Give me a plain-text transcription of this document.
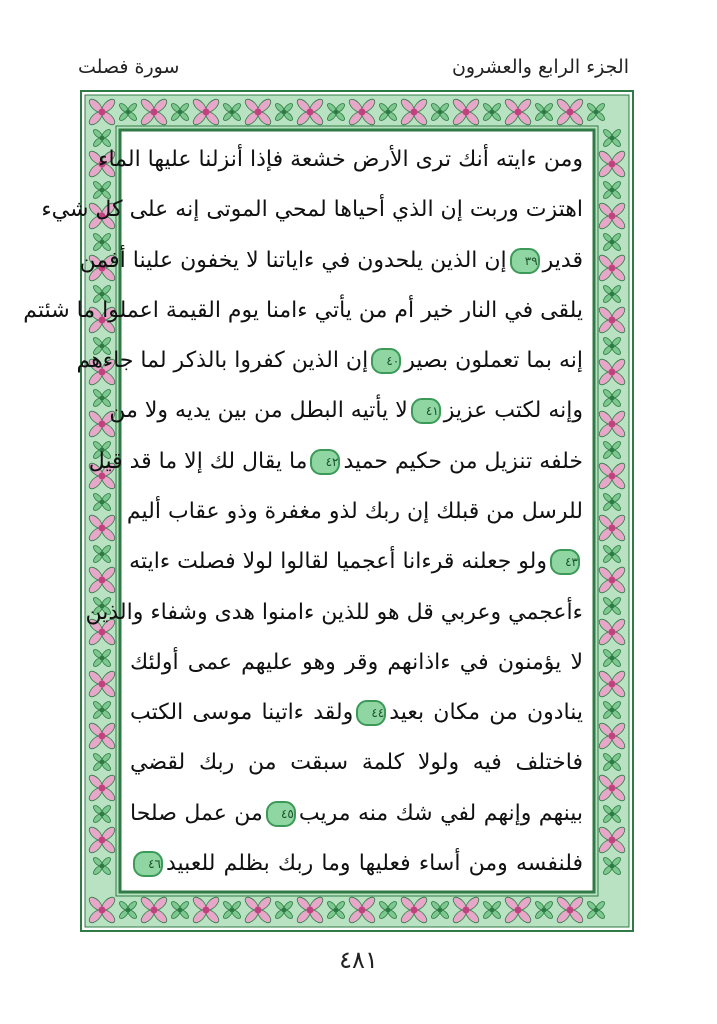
الجزء الرابع والعشرون
سورة فصلت
ومن ءايته أنك ترى الأرض خشعة فإذا أنزلنا عليها الماء
اهتزت وربت إن الذي أحياها لمحي الموتى إنه على كل شيء
قدير٣٩إن الذين يلحدون في ءاياتنا لا يخفون علينا أفمن
يلقى في النار خير أم من يأتي ءامنا يوم القيمة اعملوا ما شئتم
إنه بما تعملون بصير٤٠إن الذين كفروا بالذكر لما جاءهم
وإنه لكتب عزيز٤١لا يأتيه البطل من بين يديه ولا من
خلفه تنزيل من حكيم حميد٤٢ما يقال لك إلا ما قد قيل
للرسل من قبلك إن ربك لذو مغفرة وذو عقاب أليم
٤٣ولو جعلنه قرءانا أعجميا لقالوا لولا فصلت ءايته
ءأعجمي وعربي قل هو للذين ءامنوا هدى وشفاء والذين
لا يؤمنون في ءاذانهم وقر وهو عليهم عمى أولئك
ينادون من مكان بعيد٤٤ولقد ءاتينا موسى الكتب
فاختلف فيه ولولا كلمة سبقت من ربك لقضي
بينهم وإنهم لفي شك منه مريب٤٥من عمل صلحا
فلنفسه ومن أساء فعليها وما ربك بظلم للعبيد٤٦
٤٨١
